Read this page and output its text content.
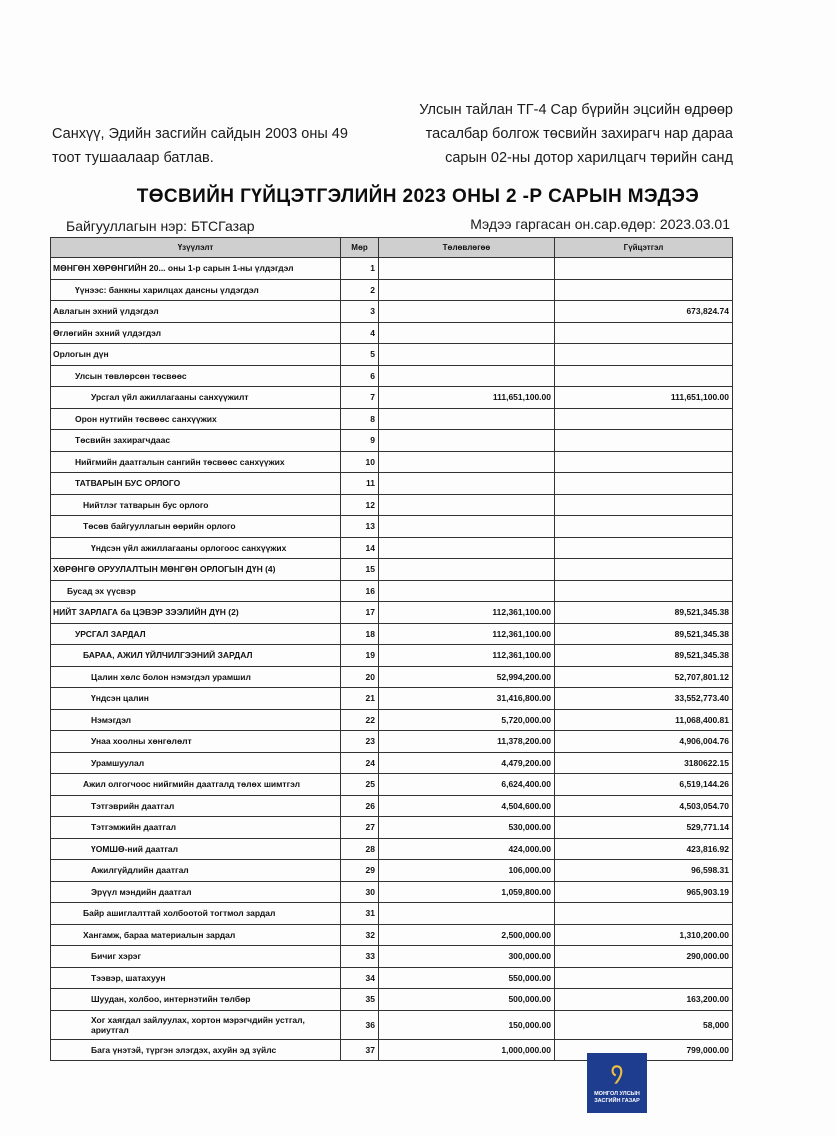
Санхүү, Эдийн засгийн сайдын 2003 оны 49
тоот тушаалаар батлав.
Улсын тайлан ТГ-4 Сар бүрийн эцсийн өдрөөр
тасалбар болгож төсвийн захирагч нар дараа
сарын 02-ны дотор харилцагч төрийн санд
ТӨСВИЙН ГҮЙЦЭТГЭЛИЙН 2023 ОНЫ 2 -Р САРЫН МЭДЭЭ
Байгууллагын нэр: БТСГазар	Мэдээ гаргасан он.сар.өдөр: 2023.03.01
Үзүүлэлт	Мөр	Төлөвлөгөө	Гүйцэтгэл
МӨНГӨН ХӨРӨНГИЙН 20... оны 1-р сарын 1-ны үлдэгдэл	1		
Үүнээс: банкны харилцах дансны үлдэгдэл	2		
Авлагын эхний үлдэгдэл	3		673,824.74
Өглөгийн эхний үлдэгдэл	4		
Орлогын дүн	5		
Улсын төвлөрсөн төсвөөс	6		
Урсгал үйл ажиллагааны санхүүжилт	7	111,651,100.00	111,651,100.00
Орон нутгийн төсвөөс санхүүжих	8		
Төсвийн захирагчдаас	9		
Нийгмийн даатгалын сангийн төсвөөс санхүүжих	10		
ТАТВАРЫН БУС ОРЛОГО	11		
Нийтлэг татварын бус орлого	12		
Төсөв байгууллагын өөрийн орлого	13		
Үндсэн үйл ажиллагааны орлогоос санхүүжих	14		
ХӨРӨНГӨ ОРУУЛАЛТЫН МӨНГӨН ОРЛОГЫН ДҮН (4)	15		
Бусад эх үүсвэр	16		
НИЙТ ЗАРЛАГА ба ЦЭВЭР ЗЭЭЛИЙН ДҮН (2)	17	112,361,100.00	89,521,345.38
УРСГАЛ ЗАРДАЛ	18	112,361,100.00	89,521,345.38
БАРАА, АЖИЛ ҮЙЛЧИЛГЭЭНИЙ ЗАРДАЛ	19	112,361,100.00	89,521,345.38
Цалин хөлс болон нэмэгдэл урамшил	20	52,994,200.00	52,707,801.12
Үндсэн цалин	21	31,416,800.00	33,552,773.40
Нэмэгдэл	22	5,720,000.00	11,068,400.81
Унаа хоолны хөнгөлөлт	23	11,378,200.00	4,906,004.76
Урамшуулал	24	4,479,200.00	3180622.15
Ажил олгогчоос нийгмийн даатгалд төлөх шимтгэл	25	6,624,400.00	6,519,144.26
Тэтгэврийн даатгал	26	4,504,600.00	4,503,054.70
Тэтгэмжийн даатгал	27	530,000.00	529,771.14
ҮОМШӨ-ний даатгал	28	424,000.00	423,816.92
Ажилгүйдлийн даатгал	29	106,000.00	96,598.31
Эрүүл мэндийн даатгал	30	1,059,800.00	965,903.19
Байр ашиглалттай холбоотой тогтмол зардал	31		
Хангамж, бараа материалын зардал	32	2,500,000.00	1,310,200.00
Бичиг хэрэг	33	300,000.00	290,000.00
Тээвэр, шатахуун	34	550,000.00	
Шуудан, холбоо, интернэтийн төлбөр	35	500,000.00	163,200.00
Хог хаягдал зайлуулах, хортон мэрэгчдийн устгал, ариутгал	36	150,000.00	58,000
Бага үнэтэй, түргэн элэгдэх, ахуйн эд зүйлс	37	1,000,000.00	799,000.00
᠀
МОНГОЛ УЛСЫН
ЗАСГИЙН ГАЗАР
